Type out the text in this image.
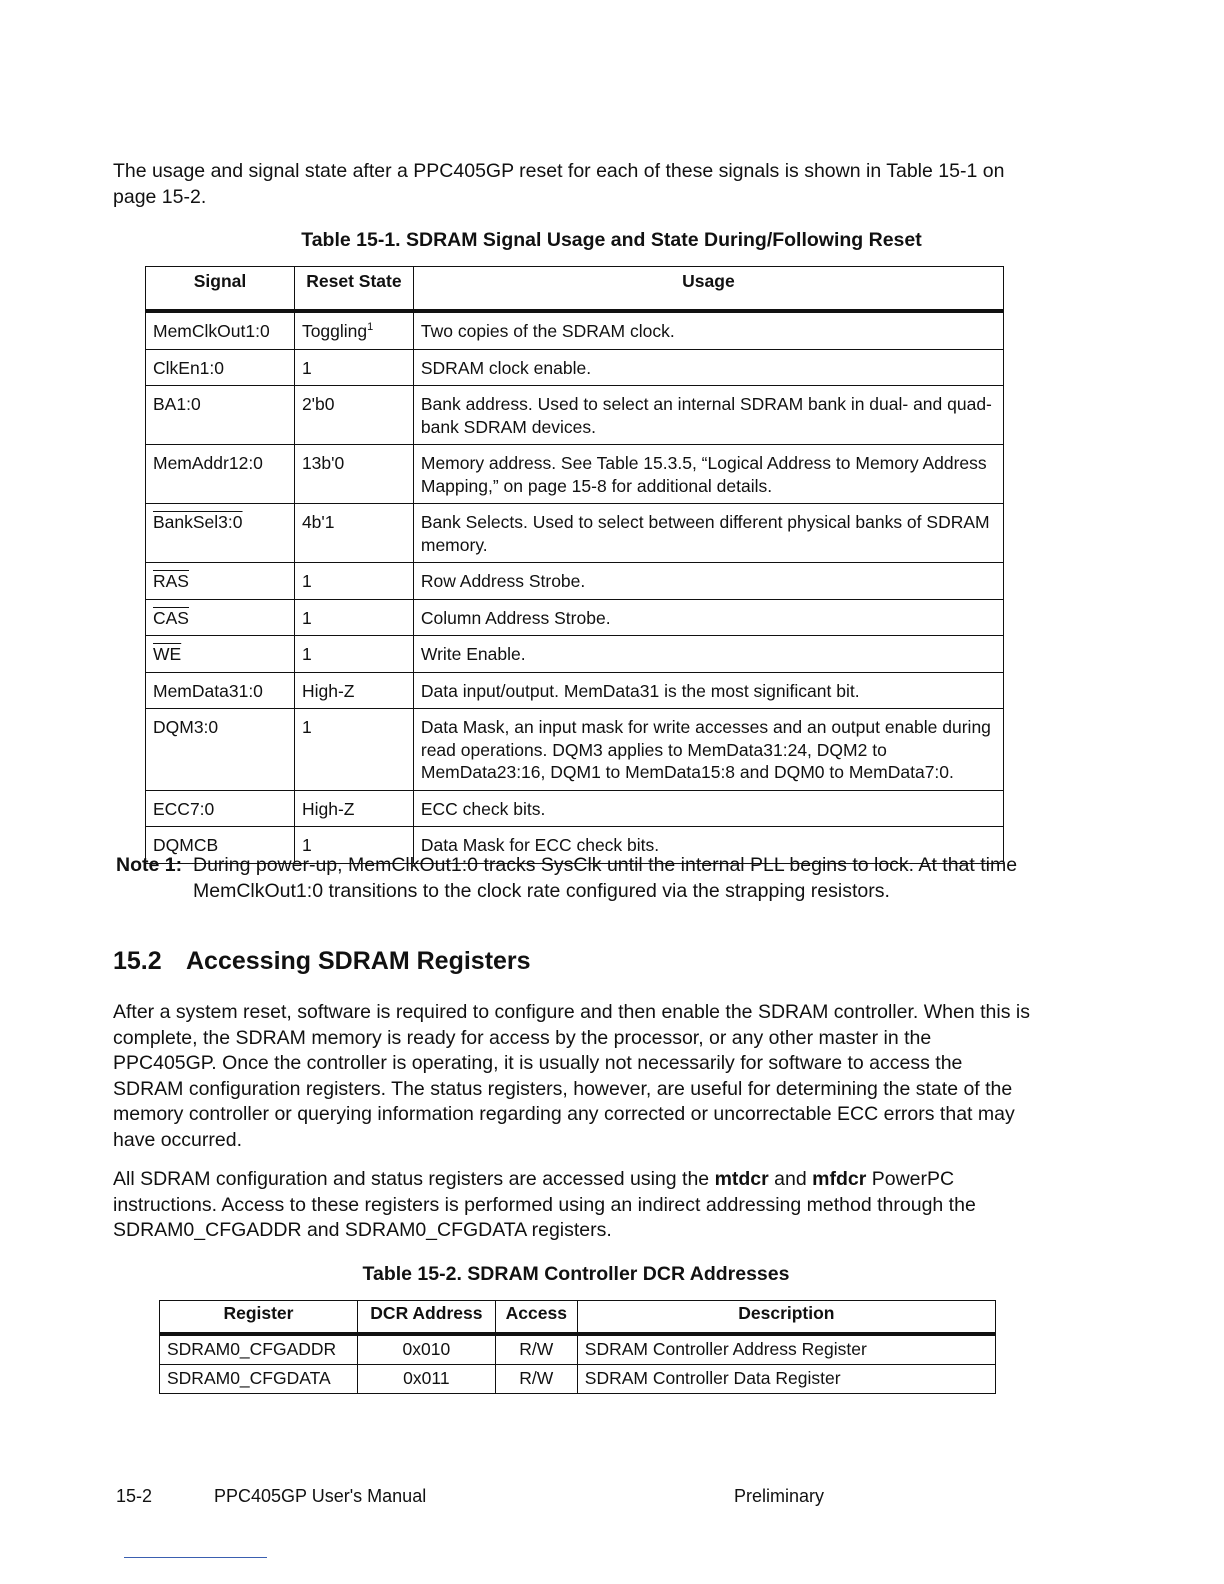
The usage and signal state after a PPC405GP reset for each of these signals is shown in Table 15-1 on page 15-2.

Table 15-1. SDRAM Signal Usage and State During/Following Reset

Signal	Reset State	Usage
MemClkOut1:0	Toggling$^1$	Two copies of the SDRAM clock.
ClkEn1:0	1	SDRAM clock enable.
BA1:0	2'b0	Bank address. Used to select an internal SDRAM bank in dual- and quad-bank SDRAM devices.
MemAddr12:0	13b'0	Memory address. See Table 15.3.5, “Logical Address to Memory Address Mapping,” on page 15-8 for additional details.
BankSel3:0	4b'1	Bank Selects. Used to select between different physical banks of SDRAM memory.
$\overline{RAS}$	1	Row Address Strobe.
$\overline{CAS}$	1	Column Address Strobe.
$\overline{WE}$	1	Write Enable.
MemData31:0	High-Z	Data input/output. MemData31 is the most significant bit.
DQM3:0	1	Data Mask, an input mask for write accesses and an output enable during read operations. DQM3 applies to MemData31:24, DQM2 to MemData23:16, DQM1 to MemData15:8 and DQM0 to MemData7:0.
ECC7:0	High-Z	ECC check bits.
DQMCB	1	Data Mask for ECC check bits.
Note 1: During power-up, MemClkOut1:0 tracks SysClk until the internal PLL begins to lock. At that time MemClkOut1:0 transitions to the clock rate configured via the strapping resistors.
15.2 Accessing SDRAM Registers

After a system reset, software is required to configure and then enable the SDRAM controller. When this is complete, the SDRAM memory is ready for access by the processor, or any other master in the PPC405GP. Once the controller is operating, it is usually not necessarily for software to access the SDRAM configuration registers. The status registers, however, are useful for determining the state of the memory controller or querying information regarding any corrected or uncorrectable ECC errors that may have occurred.

All SDRAM configuration and status registers are accessed using the mtdcr and mfdcr PowerPC instructions. Access to these registers is performed using an indirect addressing method through the SDRAM0_CFGADDR and SDRAM0_CFGDATA registers.

Table 15-2. SDRAM Controller DCR Addresses

Register	DCR Address	Access	Description
SDRAM0_CFGADDR	0x010	R/W	SDRAM Controller Address Register
SDRAM0_CFGDATA	0x011	R/W	SDRAM Controller Data Register

15-2	PPC405GP User's Manual	Preliminary
